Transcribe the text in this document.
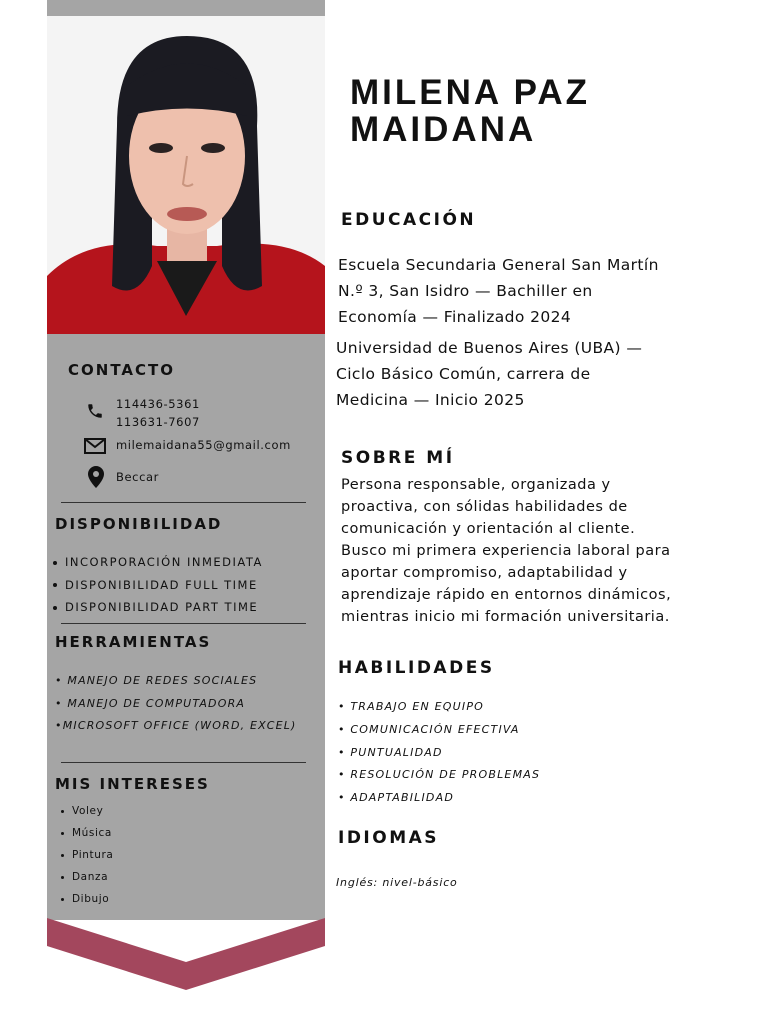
CONTACTO
114436-5361
113631-7607
milemaidana55@gmail.com
Beccar
DISPONIBILIDAD
INCORPORACIÓN INMEDIATA
DISPONIBILIDAD FULL TIME
DISPONIBILIDAD PART TIME
HERRAMIENTAS
• MANEJO DE REDES SOCIALES
• MANEJO DE COMPUTADORA
•MICROSOFT OFFICE (WORD, EXCEL)
MIS INTERESES
Voley
Música
Pintura
Danza
Dibujo
MILENA PAZ
MAIDANA
EDUCACIÓN
Escuela Secundaria General San Martín
N.º 3, San Isidro — Bachiller en
Economía — Finalizado 2024
Universidad de Buenos Aires (UBA) —
Ciclo Básico Común, carrera de
Medicina — Inicio 2025
SOBRE MÍ
Persona responsable, organizada y
proactiva, con sólidas habilidades de
comunicación y orientación al cliente.
Busco mi primera experiencia laboral para
aportar compromiso, adaptabilidad y
aprendizaje rápido en entornos dinámicos,
mientras inicio mi formación universitaria.
HABILIDADES
• TRABAJO EN EQUIPO
• COMUNICACIÓN EFECTIVA
• PUNTUALIDAD
• RESOLUCIÓN DE PROBLEMAS
• ADAPTABILIDAD
IDIOMAS
Inglés: nivel-básico
